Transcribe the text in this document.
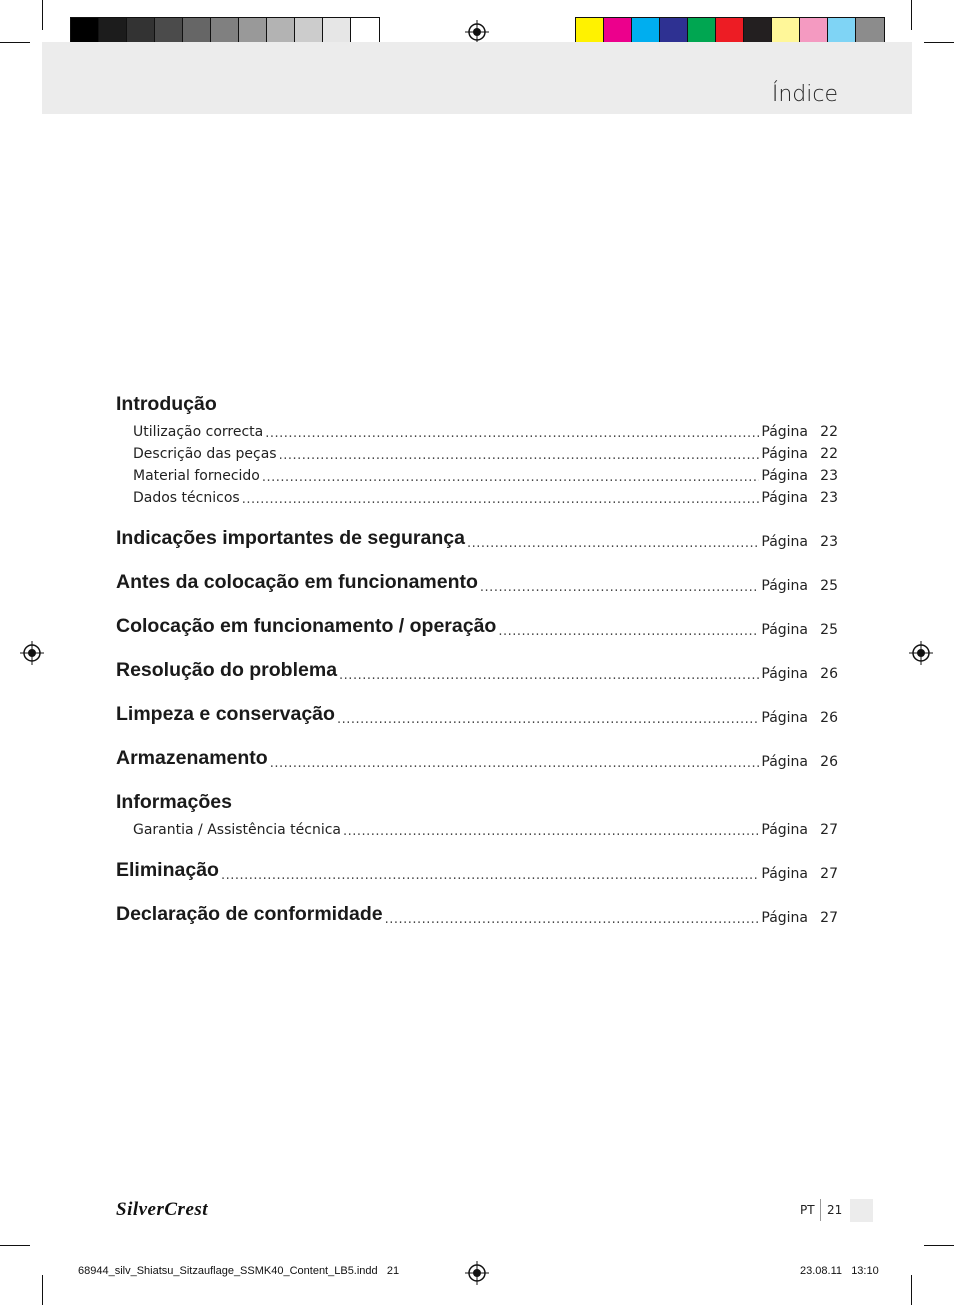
Índice
Introdução
Utilização correcta .....	Página 22
Descrição das peças .....	Página 22
Material fornecido .....	Página 23
Dados técnicos .....	Página 23
Indicações importantes de segurança .....	Página 23
Antes da colocação em funcionamento .....	Página 25
Colocação em funcionamento / operação .....	Página 25
Resolução do problema .....	Página 26
Limpeza e conservação .....	Página 26
Armazenamento .....	Página 26
Informações
Garantia / Assistência técnica .....	Página 27
Eliminação .....	Página 27
Declaração de conformidade .....	Página 27
SilverCrest	PT 21
68944_silv_Shiatsu_Sitzauflage_SSMK40_Content_LB5.indd 21	23.08.11 13:10
